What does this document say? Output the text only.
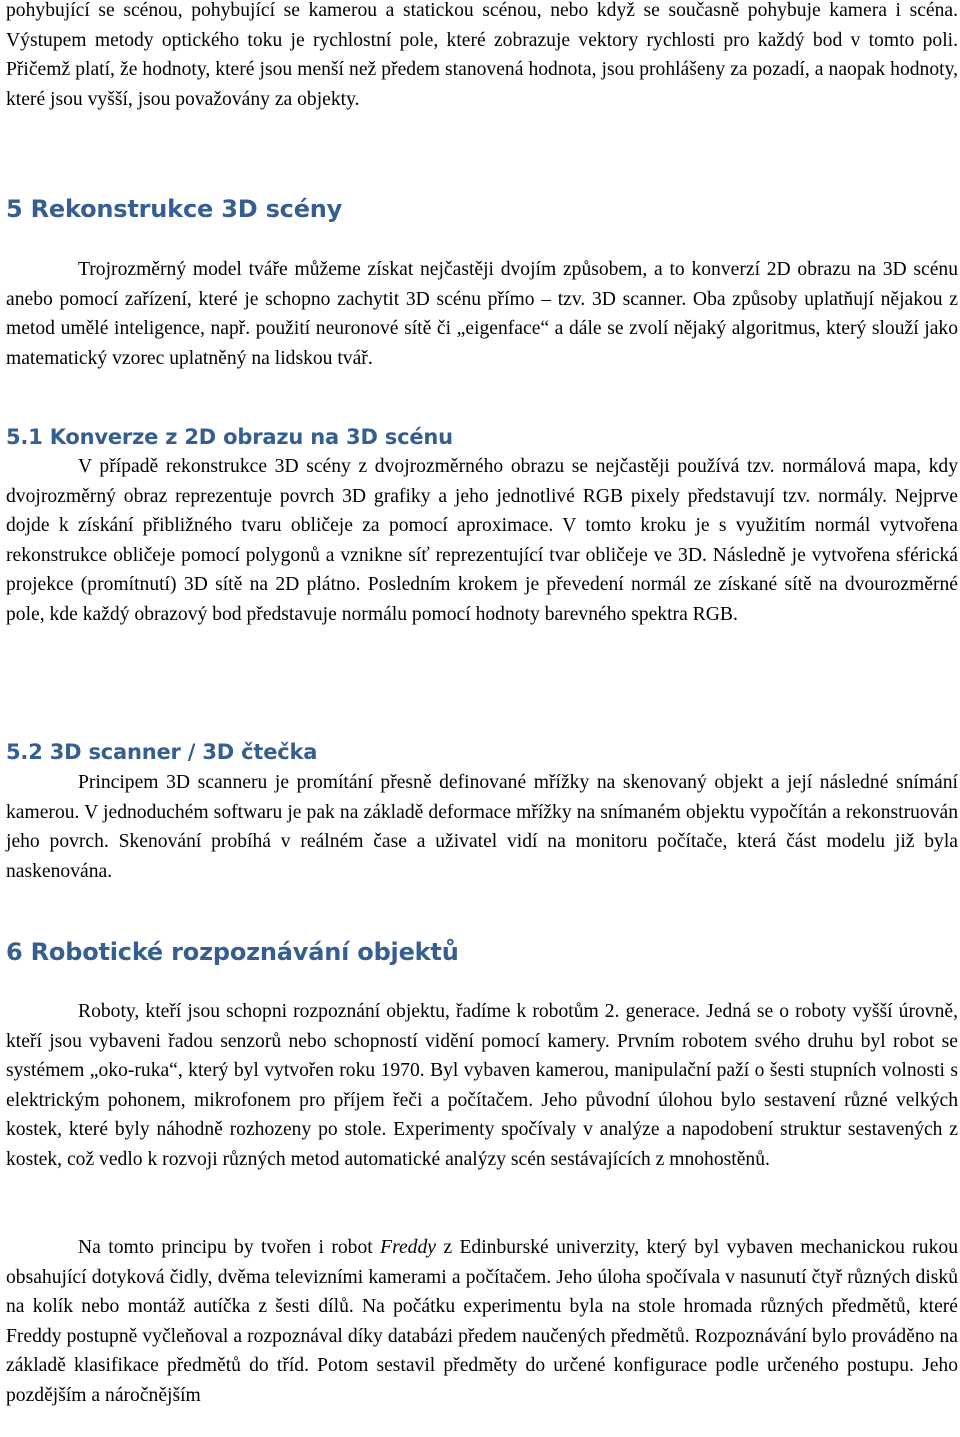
pohybující se scénou, pohybující se kamerou a statickou scénou, nebo když se současně pohybuje kamera i scéna. Výstupem metody optického toku je rychlostní pole, které zobrazuje vektory rychlosti pro každý bod v tomto poli. Přičemž platí, že hodnoty, které jsou menší než předem stanovená hodnota, jsou prohlášeny za pozadí, a naopak hodnoty, které jsou vyšší, jsou považovány za objekty.

5 Rekonstrukce 3D scény

Trojrozměrný model tváře můžeme získat nejčastěji dvojím způsobem, a to konverzí 2D obrazu na 3D scénu anebo pomocí zařízení, které je schopno zachytit 3D scénu přímo – tzv. 3D scanner. Oba způsoby uplatňují nějakou z metod umělé inteligence, např. použití neuronové sítě či „eigenface“ a dále se zvolí nějaký algoritmus, který slouží jako matematický vzorec uplatněný na lidskou tvář.

5.1 Konverze z 2D obrazu na 3D scénu

V případě rekonstrukce 3D scény z dvojrozměrného obrazu se nejčastěji používá tzv. normálová mapa, kdy dvojrozměrný obraz reprezentuje povrch 3D grafiky a jeho jednotlivé RGB pixely představují tzv. normály. Nejprve dojde k získání přibližného tvaru obličeje za pomocí aproximace. V tomto kroku je s využitím normál vytvořena rekonstrukce obličeje pomocí polygonů a vznikne síť reprezentující tvar obličeje ve 3D. Následně je vytvořena sférická projekce (promítnutí) 3D sítě na 2D plátno. Posledním krokem je převedení normál ze získané sítě na dvourozměrné pole, kde každý obrazový bod představuje normálu pomocí hodnoty barevného spektra RGB.

5.2 3D scanner / 3D čtečka

Principem 3D scanneru je promítání přesně definované mřížky na skenovaný objekt a její následné snímání kamerou. V jednoduchém softwaru je pak na základě deformace mřížky na snímaném objektu vypočítán a rekonstruován jeho povrch. Skenování probíhá v reálném čase a uživatel vidí na monitoru počítače, která část modelu již byla naskenována.

6 Robotické rozpoznávání objektů

Roboty, kteří jsou schopni rozpoznání objektu, řadíme k robotům 2. generace. Jedná se o roboty vyšší úrovně, kteří jsou vybaveni řadou senzorů nebo schopností vidění pomocí kamery. Prvním robotem svého druhu byl robot se systémem „oko-ruka“, který byl vytvořen roku 1970. Byl vybaven kamerou, manipulační paží o šesti stupních volnosti s elektrickým pohonem, mikrofonem pro příjem řeči a počítačem. Jeho původní úlohou bylo sestavení různé velkých kostek, které byly náhodně rozhozeny po stole. Experimenty spočívaly v analýze a napodobení struktur sestavených z kostek, což vedlo k rozvoji různých metod automatické analýzy scén sestávajících z mnohostěnů.

Na tomto principu by tvořen i robot Freddy z Edinburské univerzity, který byl vybaven mechanickou rukou obsahující dotyková čidly, dvěma televizními kamerami a počítačem. Jeho úloha spočívala v nasunutí čtyř různých disků na kolík nebo montáž autíčka z šesti dílů. Na počátku experimentu byla na stole hromada různých předmětů, které Freddy postupně vyčleňoval a rozpoznával díky databázi předem naučených předmětů. Rozpoznávání bylo prováděno na základě klasifikace předmětů do tříd. Potom sestavil předměty do určené konfigurace podle určeného postupu. Jeho pozdějším a náročnějším
